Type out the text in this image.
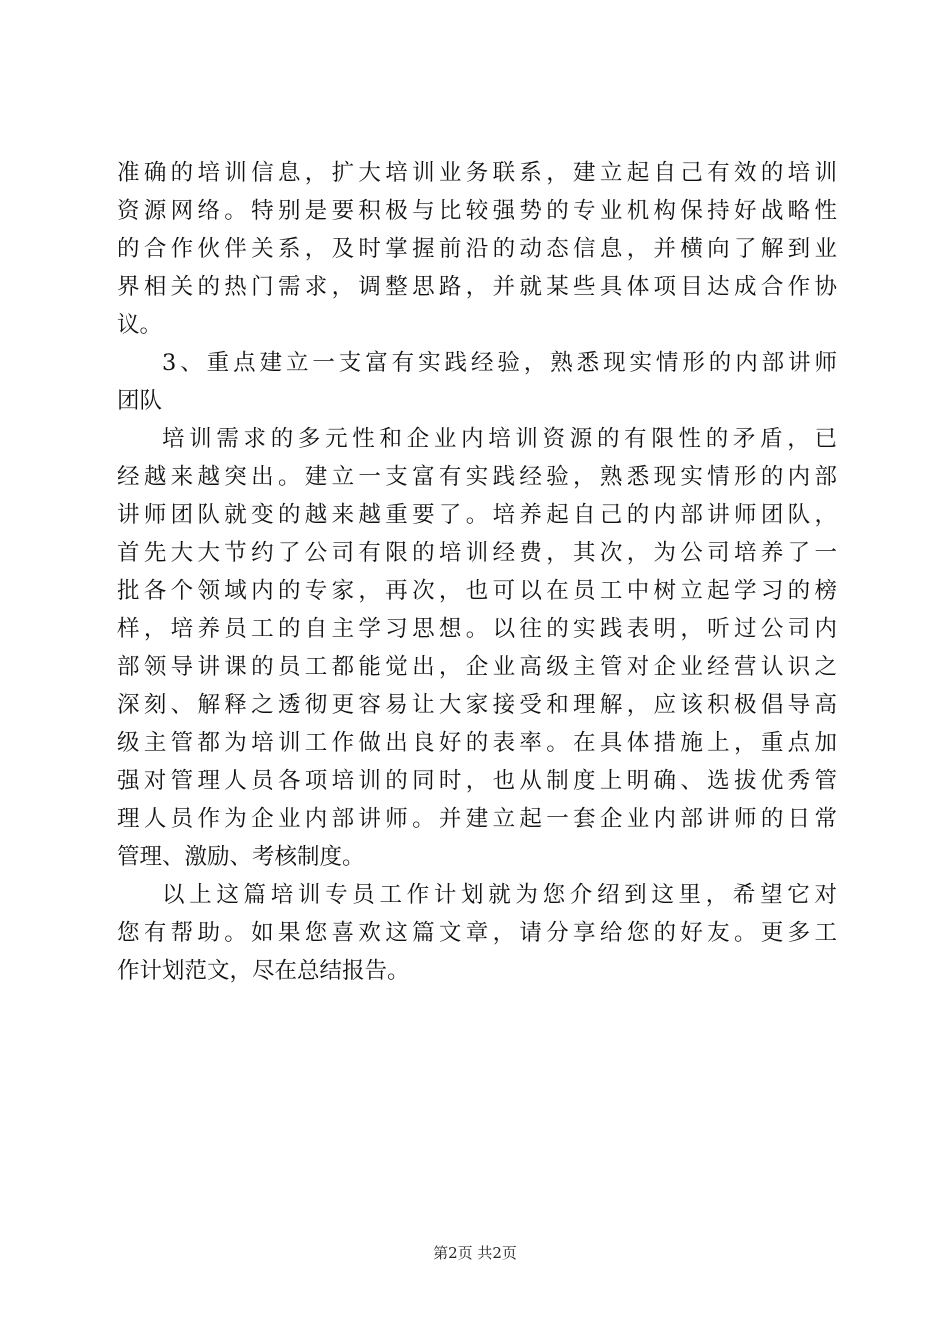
准确的培训信息，扩大培训业务联系，建立起自己有效的培训
资源网络。特别是要积极与比较强势的专业机构保持好战略性
的合作伙伴关系，及时掌握前沿的动态信息，并横向了解到业
界相关的热门需求，调整思路，并就某些具体项目达成合作协
议。
3、重点建立一支富有实践经验，熟悉现实情形的内部讲师
团队
培训需求的多元性和企业内培训资源的有限性的矛盾，已
经越来越突出。建立一支富有实践经验，熟悉现实情形的内部
讲师团队就变的越来越重要了。培养起自己的内部讲师团队，
首先大大节约了公司有限的培训经费，其次，为公司培养了一
批各个领域内的专家，再次，也可以在员工中树立起学习的榜
样，培养员工的自主学习思想。以往的实践表明，听过公司内
部领导讲课的员工都能觉出，企业高级主管对企业经营认识之
深刻、解释之透彻更容易让大家接受和理解，应该积极倡导高
级主管都为培训工作做出良好的表率。在具体措施上，重点加
强对管理人员各项培训的同时，也从制度上明确、选拔优秀管
理人员作为企业内部讲师。并建立起一套企业内部讲师的日常
管理、激励、考核制度。
以上这篇培训专员工作计划就为您介绍到这里，希望它对
您有帮助。如果您喜欢这篇文章，请分享给您的好友。更多工
作计划范文，尽在总结报告。
第2页 共2页
